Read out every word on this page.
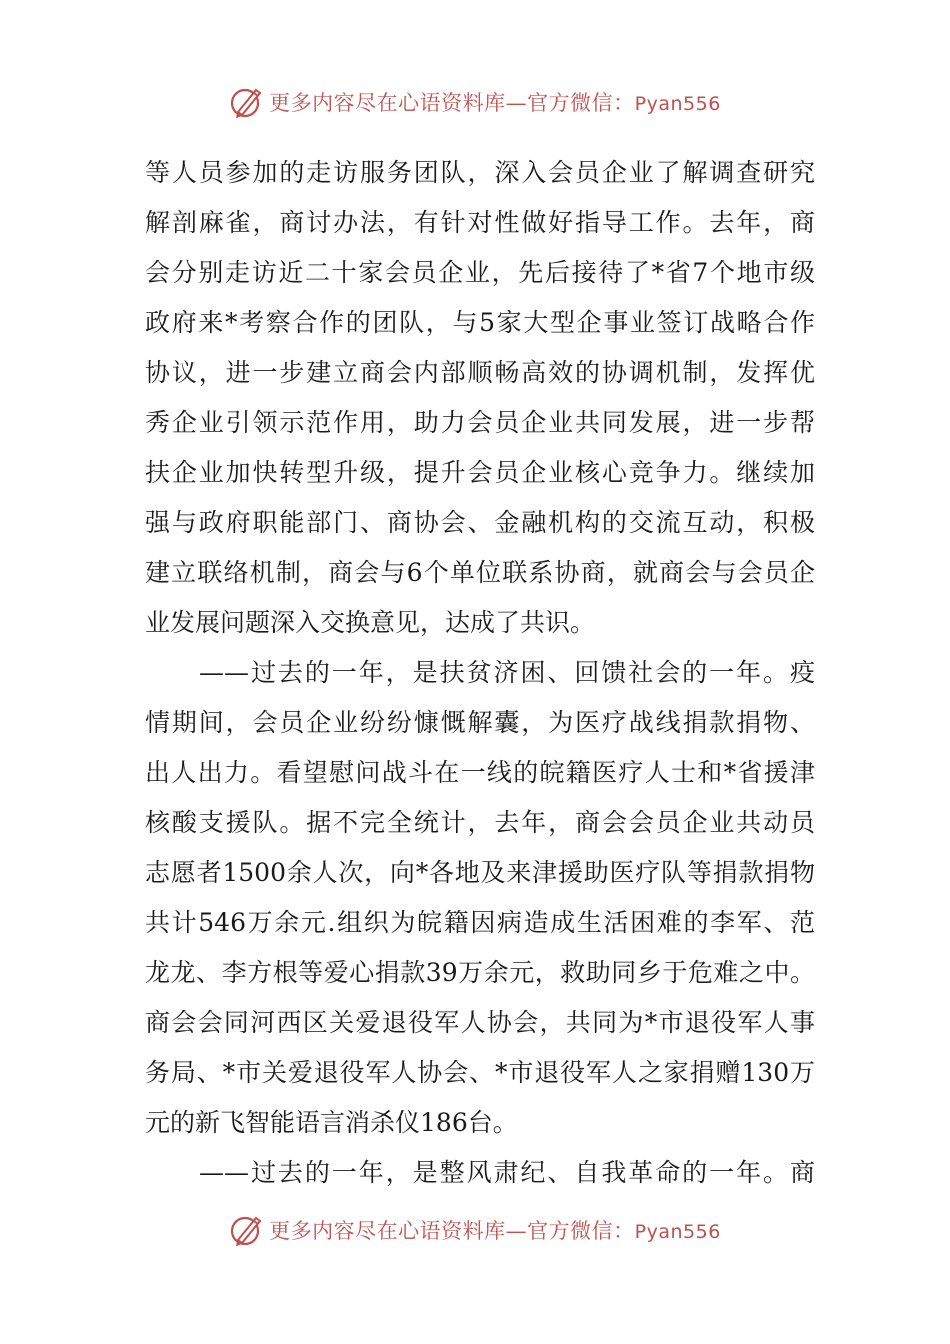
更多内容尽在心语资料库—官方微信：Pyan556
等人员参加的走访服务团队，深入会员企业了解调查研究
解剖麻雀，商讨办法，有针对性做好指导工作。去年，商
会分别走访近二十家会员企业，先后接待了*省7个地市级
政府来*考察合作的团队，与5家大型企事业签订战略合作
协议，进一步建立商会内部顺畅高效的协调机制，发挥优
秀企业引领示范作用，助力会员企业共同发展，进一步帮
扶企业加快转型升级，提升会员企业核心竞争力。继续加
强与政府职能部门、商协会、金融机构的交流互动，积极
建立联络机制，商会与6个单位联系协商，就商会与会员企
业发展问题深入交换意见，达成了共识。
——过去的一年，是扶贫济困、回馈社会的一年。疫
情期间，会员企业纷纷慷慨解囊，为医疗战线捐款捐物、
出人出力。看望慰问战斗在一线的皖籍医疗人士和*省援津
核酸支援队。据不完全统计，去年，商会会员企业共动员
志愿者1500余人次，向*各地及来津援助医疗队等捐款捐物
共计546万余元.组织为皖籍因病造成生活困难的李军、范
龙龙、李方根等爱心捐款39万余元，救助同乡于危难之中。
商会会同河西区关爱退役军人协会，共同为*市退役军人事
务局、*市关爱退役军人协会、*市退役军人之家捐赠130万
元的新飞智能语言消杀仪186台。
——过去的一年，是整风肃纪、自我革命的一年。商
更多内容尽在心语资料库—官方微信：Pyan556
